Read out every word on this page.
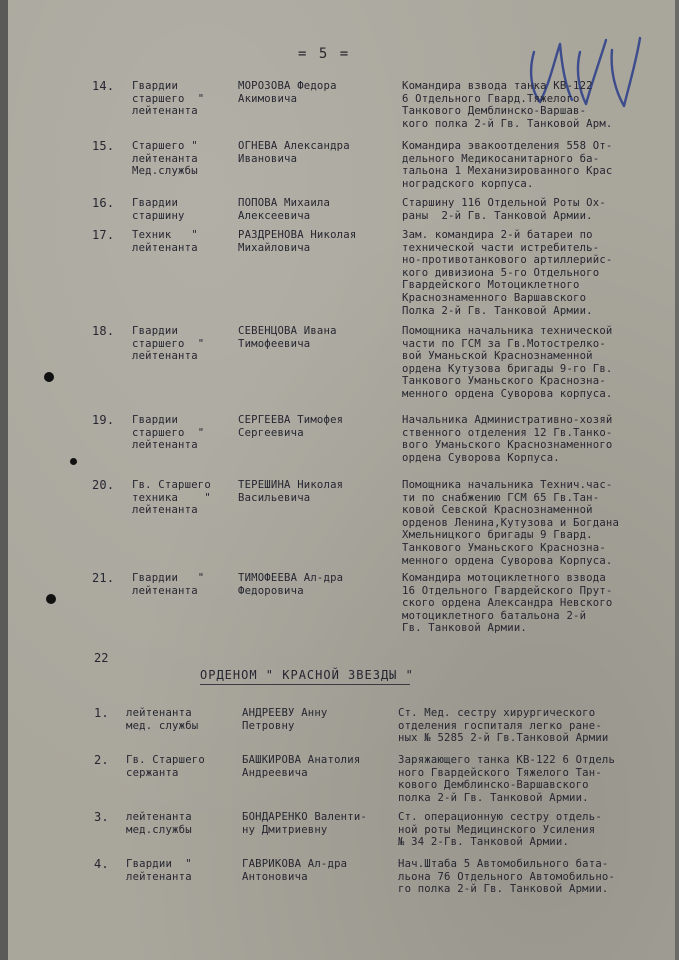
= 5 =
14. Гвардии
старшего  "
лейтенанта
МОРОЗОВА Федора
Акимовича
Командира взвода танка КВ-122
6 Отдельного Гвард.Тяжелого
Танкового Демблинско-Варшав-
кого полка 2-й Гв. Танковой Арм.
15. Старшего "
лейтенанта
Мед.службы
ОГНЕВА Александра
Ивановича
Командира эвакоотделения 558 От-
дельного Медикосанитарного ба-
тальона 1 Механизированного Крас
ноградского корпуса.
16. Гвардии
старшину
ПОПОВА Михаила
Алексеевича
Старшину 116 Отдельной Роты Ох-
раны  2-й Гв. Танковой Армии.
17. Техник   "
лейтенанта
РАЗДРЕНОВА Николая
Михайловича
Зам. командира 2-й батареи по
технической части истребитель-
но-противотанкового артиллерийс-
кого дивизиона 5-го Отдельного
Гвардейского Мотоциклетного
Краснознаменного Варшавского
Полка 2-й Гв. Танковой Армии.
18. Гвардии
старшего  "
лейтенанта
СЕВЕНЦОВА Ивана
Тимофеевича
Помощника начальника технической
части по ГСМ за Гв.Мотострелко-
вой Уманьской Краснознаменной
ордена Кутузова бригады 9-го Гв.
Танкового Уманьского Краснозна-
менного ордена Суворова корпуса.
19. Гвардии
старшего  "
лейтенанта
СЕРГЕЕВА Тимофея
Сергеевича
Начальника Административно-хозяй
ственного отделения 12 Гв.Танко-
вого Уманьского Краснознаменного
ордена Суворова Корпуса.
20. Гв. Старшего
техника    "
лейтенанта
ТЕРЕШИНА Николая
Васильевича
Помощника начальника Технич.час-
ти по снабжению ГСМ 65 Гв.Тан-
ковой Севской Краснознаменной
орденов Ленина,Кутузова и Богдана
Хмельницкого бригады 9 Гвард.
Танкового Уманьского Краснозна-
менного ордена Суворова Корпуса.
21. Гвардии   "
лейтенанта
ТИМОФЕЕВА Ал-дра
Федоровича
Командира мотоциклетного взвода
16 Отдельного Гвардейского Прут-
ского ордена Александра Невского
мотоциклетного батальона 2-й
Гв. Танковой Армии.
22
ОРДЕНОМ " КРАСНОЙ ЗВЕЗДЫ "
1. лейтенанта
мед. службы
АНДРЕЕВУ Анну
Петровну
Ст. Мед. сестру хирургического
отделения госпиталя легко ране-
ных № 5285 2-й Гв.Танковой Армии
2. Гв. Старшего
сержанта
БАШКИРОВА Анатолия
Андреевича
Заряжающего танка КВ-122 6 Отдель
ного Гвардейского Тяжелого Тан-
кового Демблинско-Варшавского
полка 2-й Гв. Танковой Армии.
3. лейтенанта
мед.службы
БОНДАРЕНКО Валенти-
ну Дмитриевну
Ст. операционную сестру отдель-
ной роты Медицинского Усиления
№ 34 2-Гв. Танковой Армии.
4. Гвардии  "
лейтенанта
ГАВРИКОВА Ал-дра
Антоновича
Нач.Штаба 5 Автомобильного бата-
льона 76 Отдельного Автомобильно-
го полка 2-й Гв. Танковой Армии.
